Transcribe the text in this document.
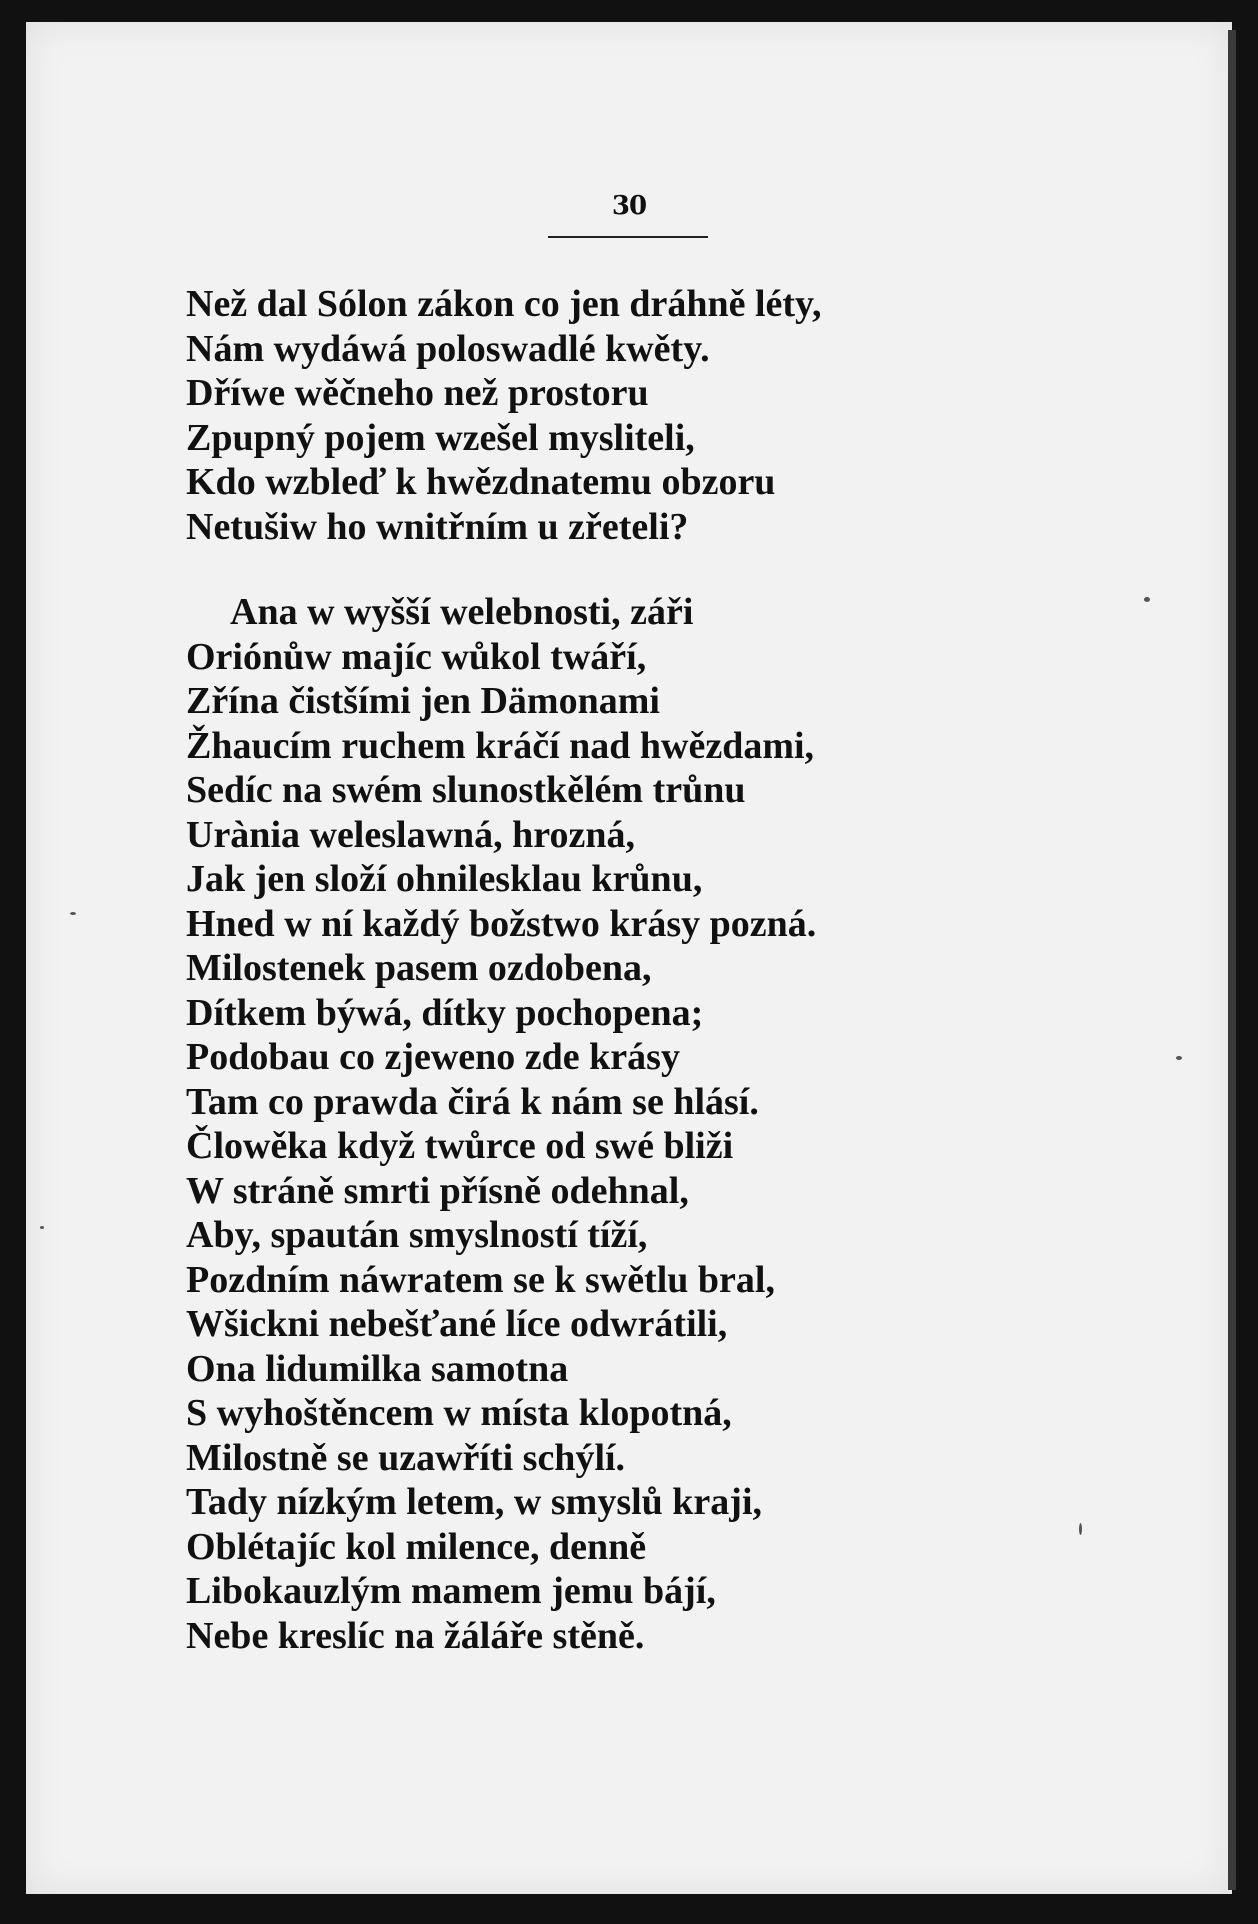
30
Než dal Sólon zákon co jen dráhně léty,
Nám wydáwá poloswadlé kwěty.
Dříwe wěčneho než prostoru
Zpupný pojem wzešel mysliteli,
Kdo wzbleď k hwězdnatemu obzoru
Netušiw ho wnitřním u zřeteli?
Ana w wyšší welebnosti, záři
Oriónůw majíc wůkol twáří,
Zřína čistšími jen Dämonami
Žhaucím ruchem kráčí nad hwězdami,
Sedíc na swém slunostkělém trůnu
Urània weleslawná, hrozná,
Jak jen složí ohnilesklau krůnu,
Hned w ní každý božstwo krásy pozná.
Milostenek pasem ozdobena,
Dítkem býwá, dítky pochopena;
Podobau co zjeweno zde krásy
Tam co prawda čirá k nám se hlásí.
Člowěka když twůrce od swé bliži
W stráně smrti přísně odehnal,
Aby, spaután smyslností tíží,
Pozdním náwratem se k swětlu bral,
Wšickni nebešťané líce odwrátili,
Ona lidumilka samotna
S wyhoštěncem w místa klopotná,
Milostně se uzawříti schýlí.
Tady nízkým letem, w smyslů kraji,
Oblétajíc kol milence, denně
Libokauzlým mamem jemu bájí,
Nebe kreslíc na žáláře stěně.
